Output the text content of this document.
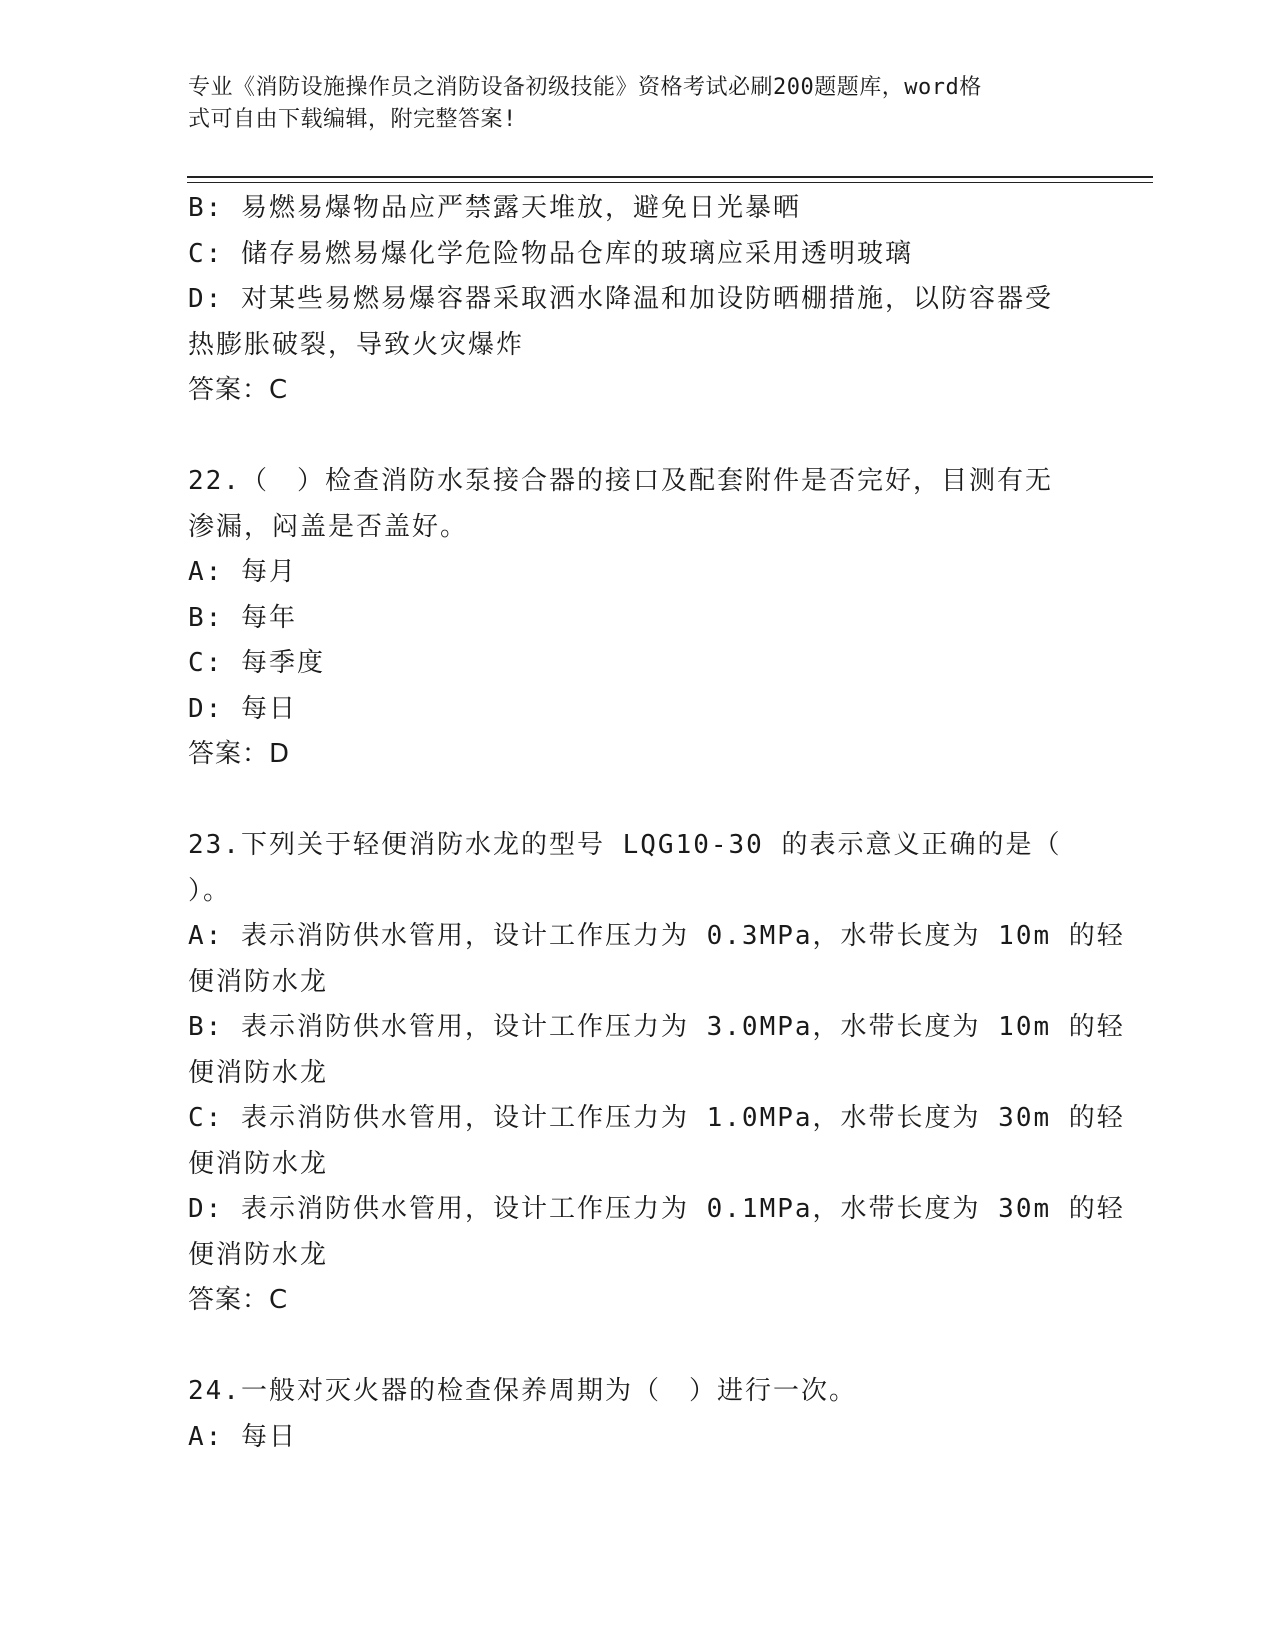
专业《消防设施操作员之消防设备初级技能》资格考试必刷200题题库，word格
式可自由下载编辑，附完整答案!
B: 易燃易爆物品应严禁露天堆放，避免日光暴晒
C: 储存易燃易爆化学危险物品仓库的玻璃应采用透明玻璃
D: 对某些易燃易爆容器采取洒水降温和加设防晒棚措施，以防容器受
热膨胀破裂，导致火灾爆炸
答案：C
22.（　）检查消防水泵接合器的接口及配套附件是否完好，目测有无
渗漏，闷盖是否盖好。
A: 每月
B: 每年
C: 每季度
D: 每日
答案：D
23.下列关于轻便消防水龙的型号 LQG10-30 的表示意义正确的是（
）。
A: 表示消防供水管用，设计工作压力为 0.3MPa，水带长度为 10m 的轻
便消防水龙
B: 表示消防供水管用，设计工作压力为 3.0MPa，水带长度为 10m 的轻
便消防水龙
C: 表示消防供水管用，设计工作压力为 1.0MPa，水带长度为 30m 的轻
便消防水龙
D: 表示消防供水管用，设计工作压力为 0.1MPa，水带长度为 30m 的轻
便消防水龙
答案：C
24.一般对灭火器的检查保养周期为（　）进行一次。
A: 每日
